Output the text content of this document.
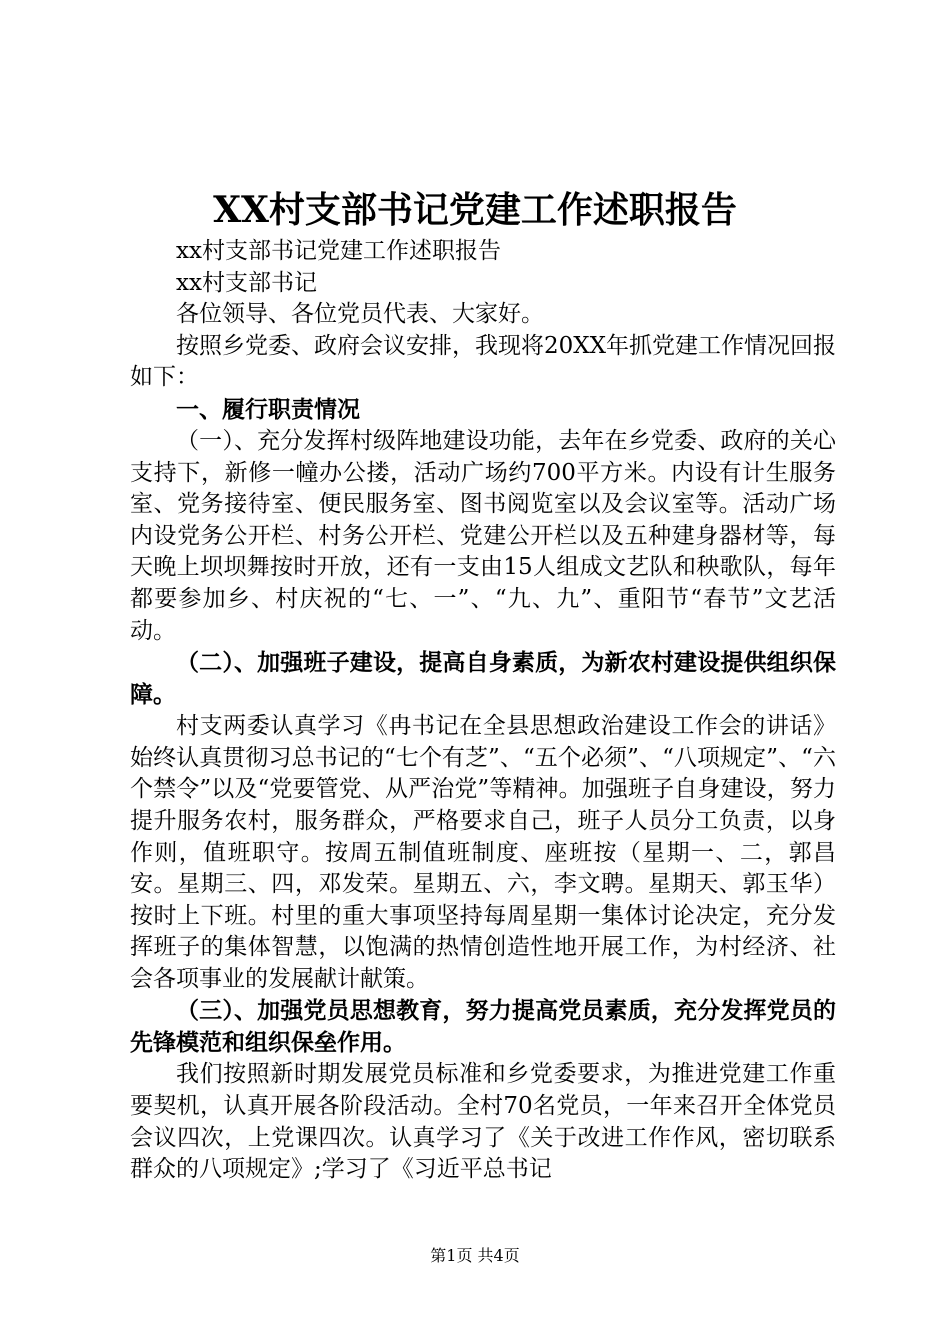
XX村支部书记党建工作述职报告

xx村支部书记党建工作述职报告

xx村支部书记

各位领导、各位党员代表、大家好。

按照乡党委、政府会议安排，我现将20XX年抓党建工作情况回报如下：

一、履行职责情况

（一）、充分发挥村级阵地建设功能，去年在乡党委、政府的关心支持下，新修一幢办公搂，活动广场约700平方米。内设有计生服务室、党务接待室、便民服务室、图书阅览室以及会议室等。活动广场内设党务公开栏、村务公开栏、党建公开栏以及五种建身器材等，每天晚上坝坝舞按时开放，还有一支由15人组成文艺队和秧歌队，每年都要参加乡、村庆祝的“七、一”、“九、九”、重阳节“春节”文艺活动。

（二）、加强班子建设，提高自身素质，为新农村建设提供组织保障。

村支两委认真学习《冉书记在全县思想政治建设工作会的讲话》始终认真贯彻习总书记的“七个有芝”、“五个必须”、“八项规定”、“六个禁令”以及“党要管党、从严治党”等精神。加强班子自身建设，努力提升服务农村，服务群众，严格要求自己，班子人员分工负责，以身作则，值班职守。按周五制值班制度、座班按（星期一、二，郭昌安。星期三、四，邓发荣。星期五、六，李文聘。星期天、郭玉华）按时上下班。村里的重大事项坚持每周星期一集体讨论决定，充分发挥班子的集体智慧，以饱满的热情创造性地开展工作，为村经济、社会各项事业的发展献计献策。

（三）、加强党员思想教育，努力提高党员素质，充分发挥党员的先锋模范和组织保垒作用。

我们按照新时期发展党员标准和乡党委要求，为推进党建工作重要契机，认真开展各阶段活动。全村70名党员，一年来召开全体党员会议四次，上党课四次。认真学习了《关于改进工作作风，密切联系群众的八项规定》;学习了《习近平总书记

第1页 共4页
